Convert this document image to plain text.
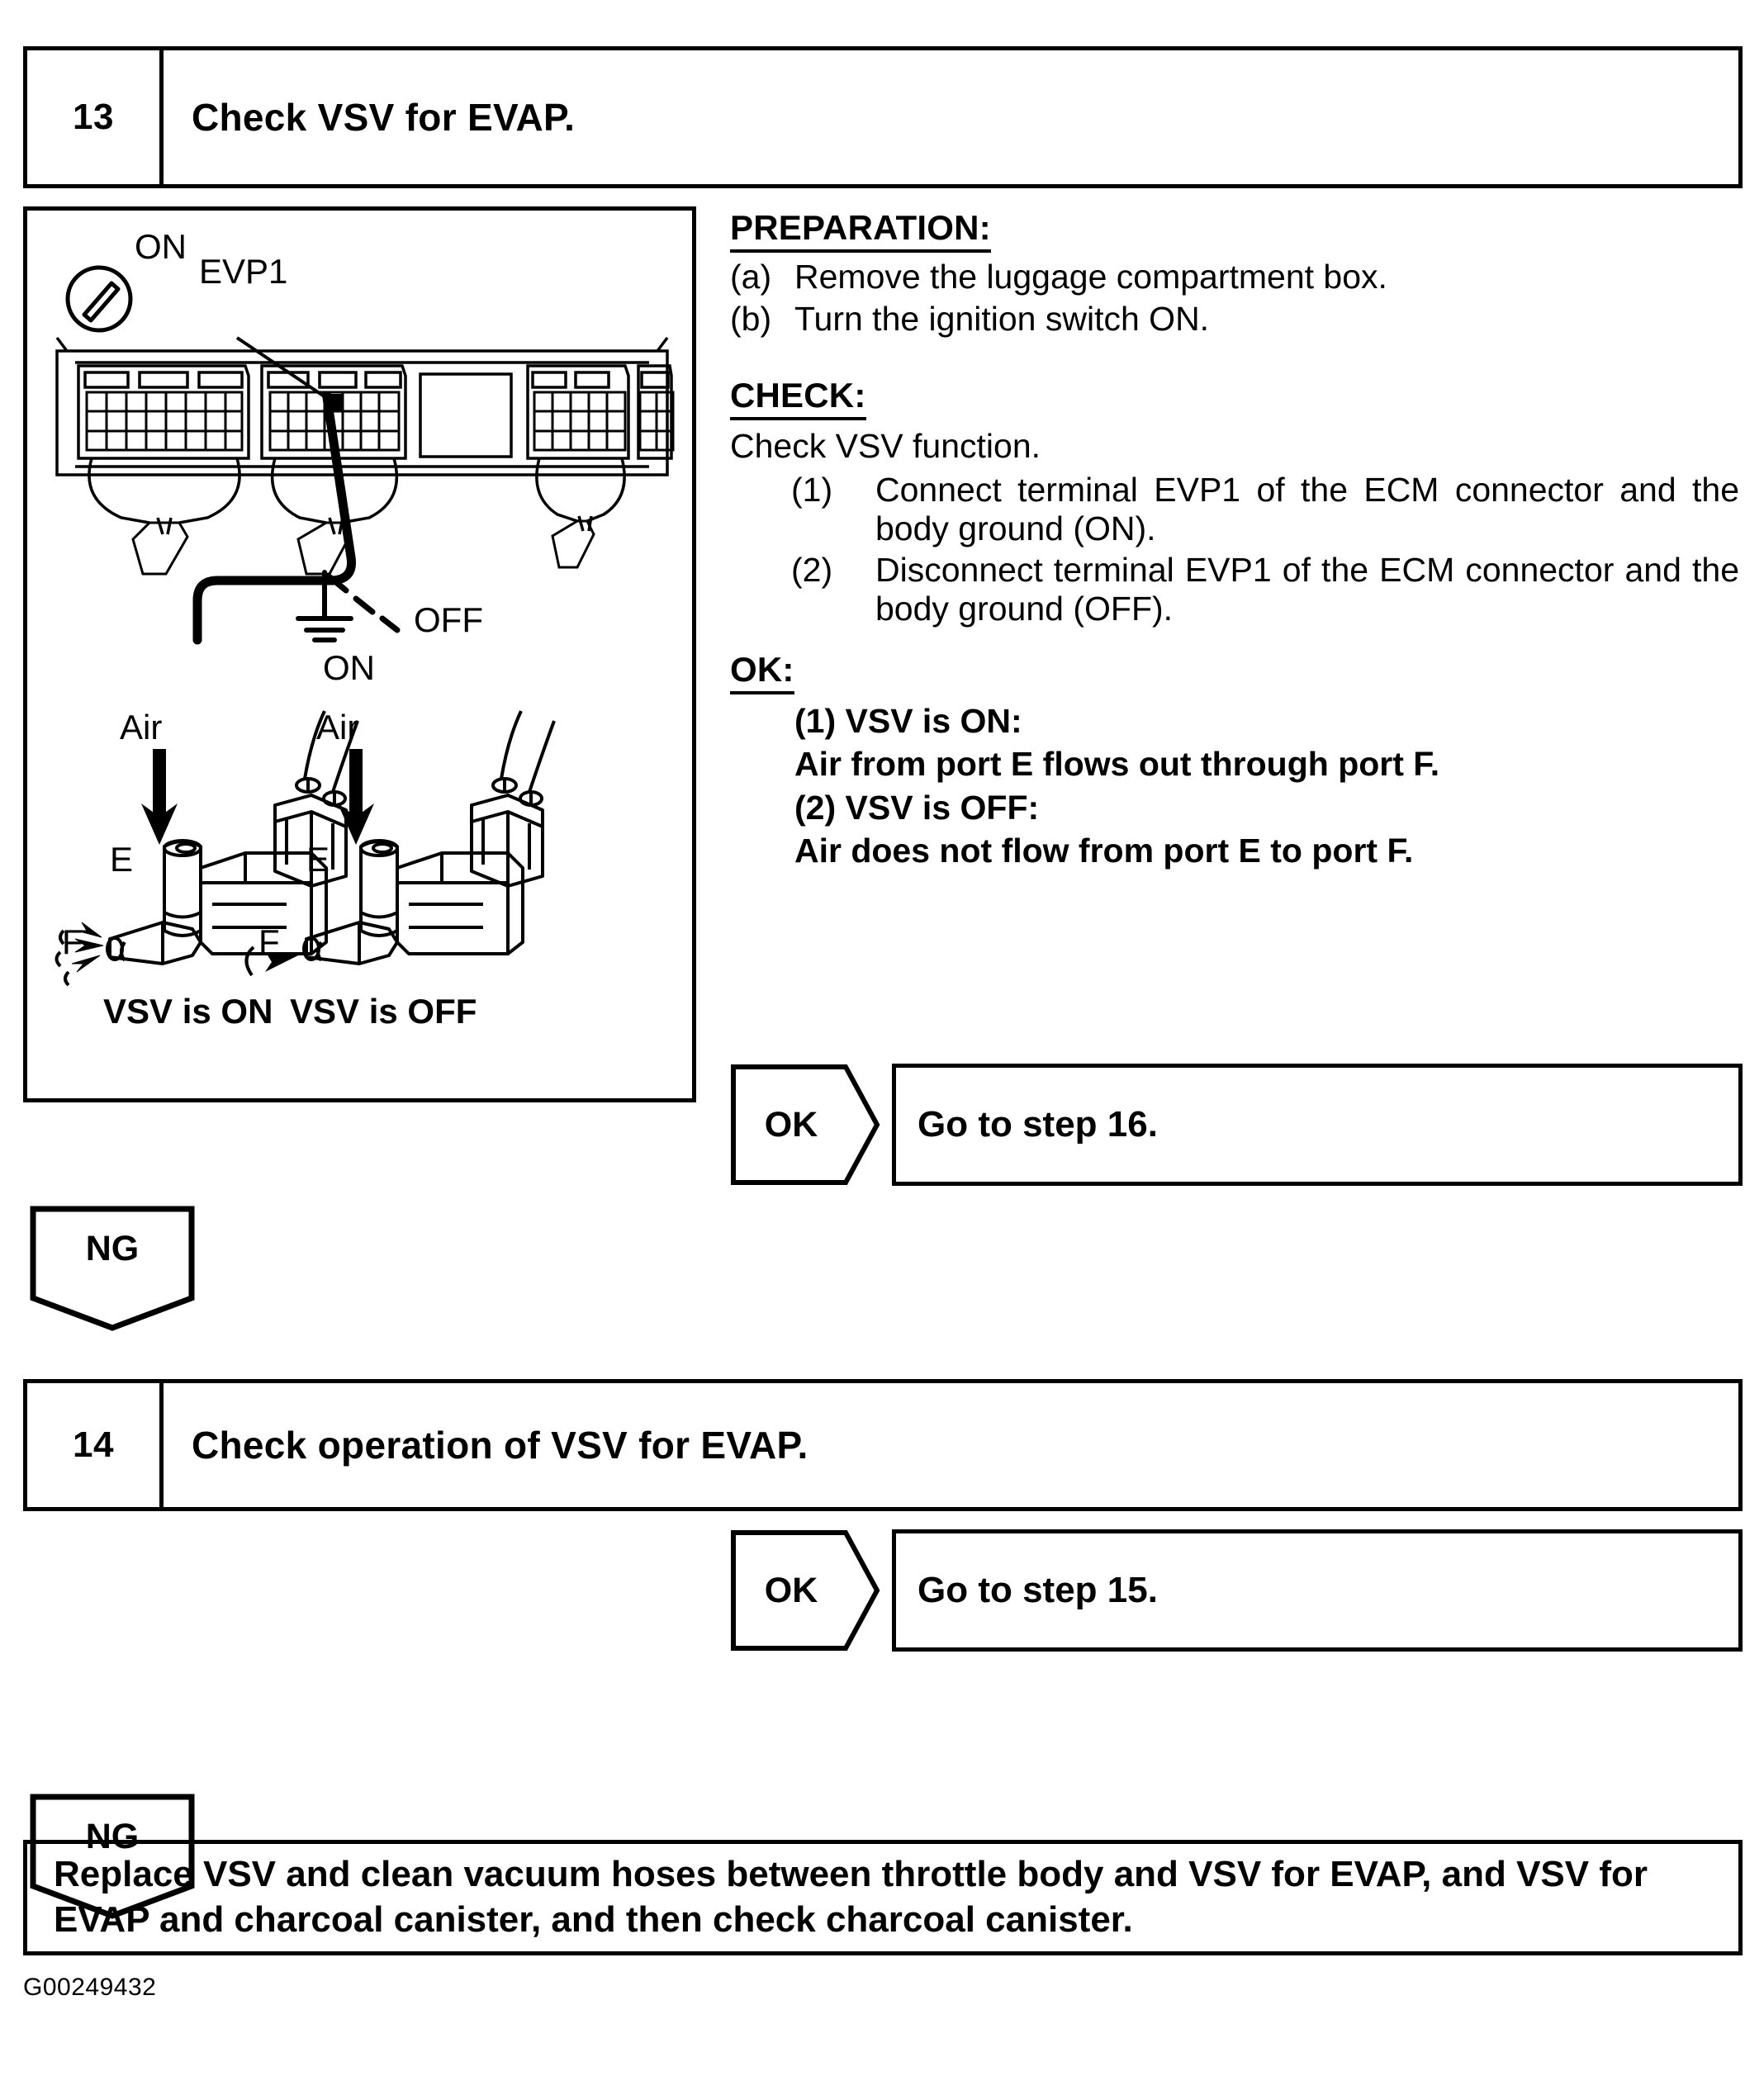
13	Check VSV for EVAP.
ON
EVP1
OFF
ON
Air
E
F
VSV is ON
Air
E
F
VSV is OFF
PREPARATION:
(a) Remove the luggage compartment box.
(b) Turn the ignition switch ON.
CHECK:
Check VSV function.
(1)	Connect terminal EVP1 of the ECM connector and the body ground (ON).
(2)	Disconnect terminal EVP1 of the ECM connector and the body ground (OFF).
OK:
(1) VSV is ON:
Air from port E flows out through port F.
(2) VSV is OFF:
Air does not flow from port E to port F.
OK	Go to step 16.
NG
14	Check operation of VSV for EVAP.
OK	Go to step 15.
NG
Replace VSV and clean vacuum hoses between throttle body and VSV for EVAP, and VSV for EVAP and charcoal canister, and then check charcoal canister.
G00249432
